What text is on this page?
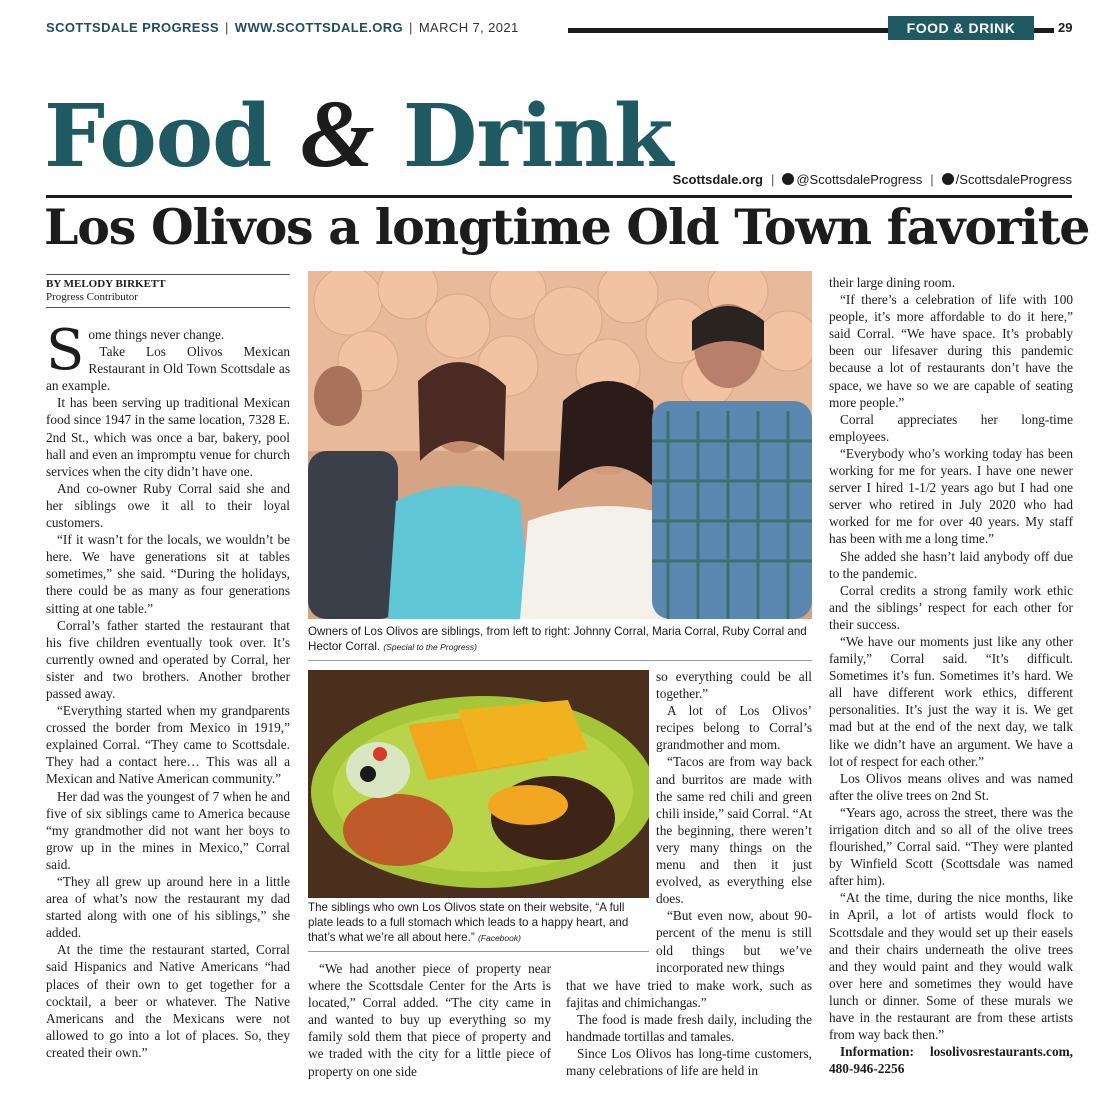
SCOTTSDALE PROGRESS | WWW.SCOTTSDALE.ORG | MARCH 7, 2021	FOOD & DRINK	29
Food & Drink Scottsdale.org | @ScottsdaleProgress | /ScottsdaleProgress
Los Olivos a longtime Old Town favorite
BY MELODY BIRKETT
Progress Contributor

Some things never change.

Take Los Olivos Mexican Restaurant in Old Town Scottsdale as an example.

It has been serving up traditional Mexican food since 1947 in the same location, 7328 E. 2nd St., which was once a bar, bakery, pool hall and even an impromptu venue for church services when the city didn’t have one.

And co-owner Ruby Corral said she and her siblings owe it all to their loyal customers.

“If it wasn’t for the locals, we wouldn’t be here. We have generations sit at tables sometimes,” she said. “During the holidays, there could be as many as four generations sitting at one table.”

Corral’s father started the restaurant that his five children eventually took over. It’s currently owned and operated by Corral, her sister and two brothers. Another brother passed away.

“Everything started when my grandparents crossed the border from Mexico in 1919,” explained Corral. “They came to Scottsdale. They had a contact here… This was all a Mexican and Native American community.”

Her dad was the youngest of 7 when he and five of six siblings came to America because “my grandmother did not want her boys to grow up in the mines in Mexico,” Corral said.

“They all grew up around here in a little area of what’s now the restaurant my dad started along with one of his siblings,” she added.

At the time the restaurant started, Corral said Hispanics and Native Americans “had places of their own to get together for a cocktail, a beer or whatever. The Native Americans and the Mexicans were not allowed to go into a lot of places. So, they created their own.”

Owners of Los Olivos are siblings, from left to right: Johnny Corral, Maria Corral, Ruby Corral and Hector Corral. (Special to the Progress)
The siblings who own Los Olivos state on their website, “A full plate leads to a full stomach which leads to a happy heart, and that’s what we’re all about here.” (Facebook)

“We had another piece of property near where the Scottsdale Center for the Arts is located,” Corral added. “The city came in and wanted to buy up everything so my family sold them that piece of property and we traded with the city for a little piece of property on one side

so everything could be all together.”

A lot of Los Olivos’ recipes belong to Corral’s grandmother and mom.

“Tacos are from way back and burritos are made with the same red chili and green chili inside,” said Corral. “At the beginning, there weren’t very many things on the menu and then it just evolved, as everything else does.

“But even now, about 90-percent of the menu is still old things but we’ve incorporated new things

that we have tried to make work, such as fajitas and chimichangas.”

The food is made fresh daily, including the handmade tortillas and tamales.

Since Los Olivos has long-time customers, many celebrations of life are held in

their large dining room.

“If there’s a celebration of life with 100 people, it’s more affordable to do it here,” said Corral. “We have space. It’s probably been our lifesaver during this pandemic because a lot of restaurants don’t have the space, we have so we are capable of seating more people.”

Corral appreciates her long-time employees.

“Everybody who’s working today has been working for me for years. I have one newer server I hired 1-1/2 years ago but I had one server who retired in July 2020 who had worked for me for over 40 years. My staff has been with me a long time.”

She added she hasn’t laid anybody off due to the pandemic.

Corral credits a strong family work ethic and the siblings’ respect for each other for their success.

“We have our moments just like any other family,” Corral said. “It’s difficult. Sometimes it’s fun. Sometimes it’s hard. We all have different work ethics, different personalities. It’s just the way it is. We get mad but at the end of the next day, we talk like we didn’t have an argument. We have a lot of respect for each other.”

Los Olivos means olives and was named after the olive trees on 2nd St.

“Years ago, across the street, there was the irrigation ditch and so all of the olive trees flourished,” Corral said. “They were planted by Winfield Scott (Scottsdale was named after him).

“At the time, during the nice months, like in April, a lot of artists would flock to Scottsdale and they would set up their easels and their chairs underneath the olive trees and they would paint and they would walk over here and sometimes they would have lunch or dinner. Some of these murals we have in the restaurant are from these artists from way back then.”

Information: losolivosrestaurants.com, 480-946-2256
